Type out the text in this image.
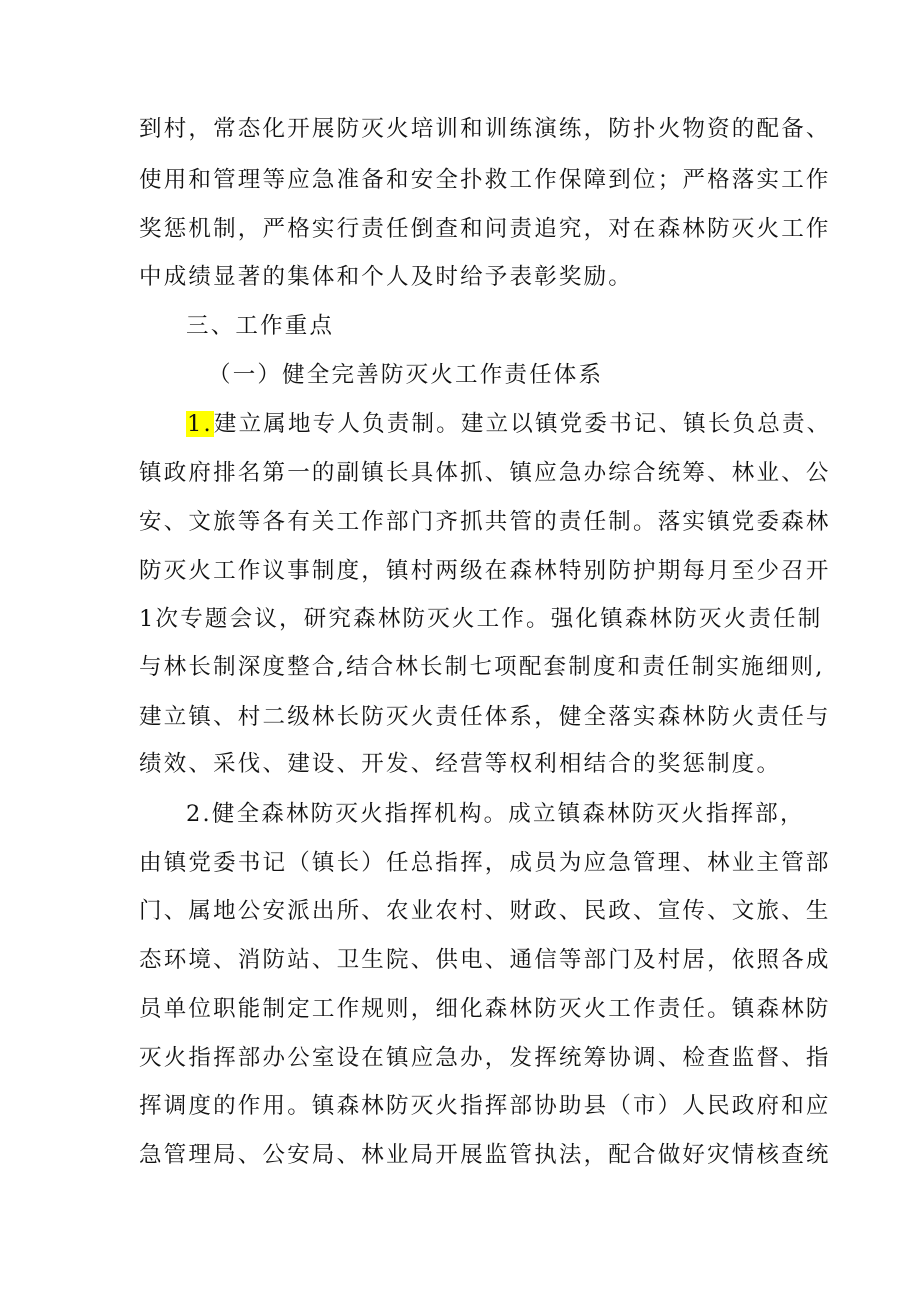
到村，常态化开展防灭火培训和训练演练，防扑火物资的配备、
使用和管理等应急准备和安全扑救工作保障到位；严格落实工作
奖惩机制，严格实行责任倒查和问责追究，对在森林防灭火工作
中成绩显著的集体和个人及时给予表彰奖励。
三、工作重点
（一）健全完善防灭火工作责任体系
1.建立属地专人负责制。建立以镇党委书记、镇长负总责、
镇政府排名第一的副镇长具体抓、镇应急办综合统筹、林业、公
安、文旅等各有关工作部门齐抓共管的责任制。落实镇党委森林
防灭火工作议事制度，镇村两级在森林特别防护期每月至少召开
1次专题会议，研究森林防灭火工作。强化镇森林防灭火责任制
与林长制深度整合,结合林长制七项配套制度和责任制实施细则,
建立镇、村二级林长防灭火责任体系，健全落实森林防火责任与
绩效、采伐、建设、开发、经营等权利相结合的奖惩制度。
2.健全森林防灭火指挥机构。成立镇森林防灭火指挥部，
由镇党委书记（镇长）任总指挥，成员为应急管理、林业主管部
门、属地公安派出所、农业农村、财政、民政、宣传、文旅、生
态环境、消防站、卫生院、供电、通信等部门及村居，依照各成
员单位职能制定工作规则，细化森林防灭火工作责任。镇森林防
灭火指挥部办公室设在镇应急办，发挥统筹协调、检查监督、指
挥调度的作用。镇森林防灭火指挥部协助县（市）人民政府和应
急管理局、公安局、林业局开展监管执法，配合做好灾情核查统
